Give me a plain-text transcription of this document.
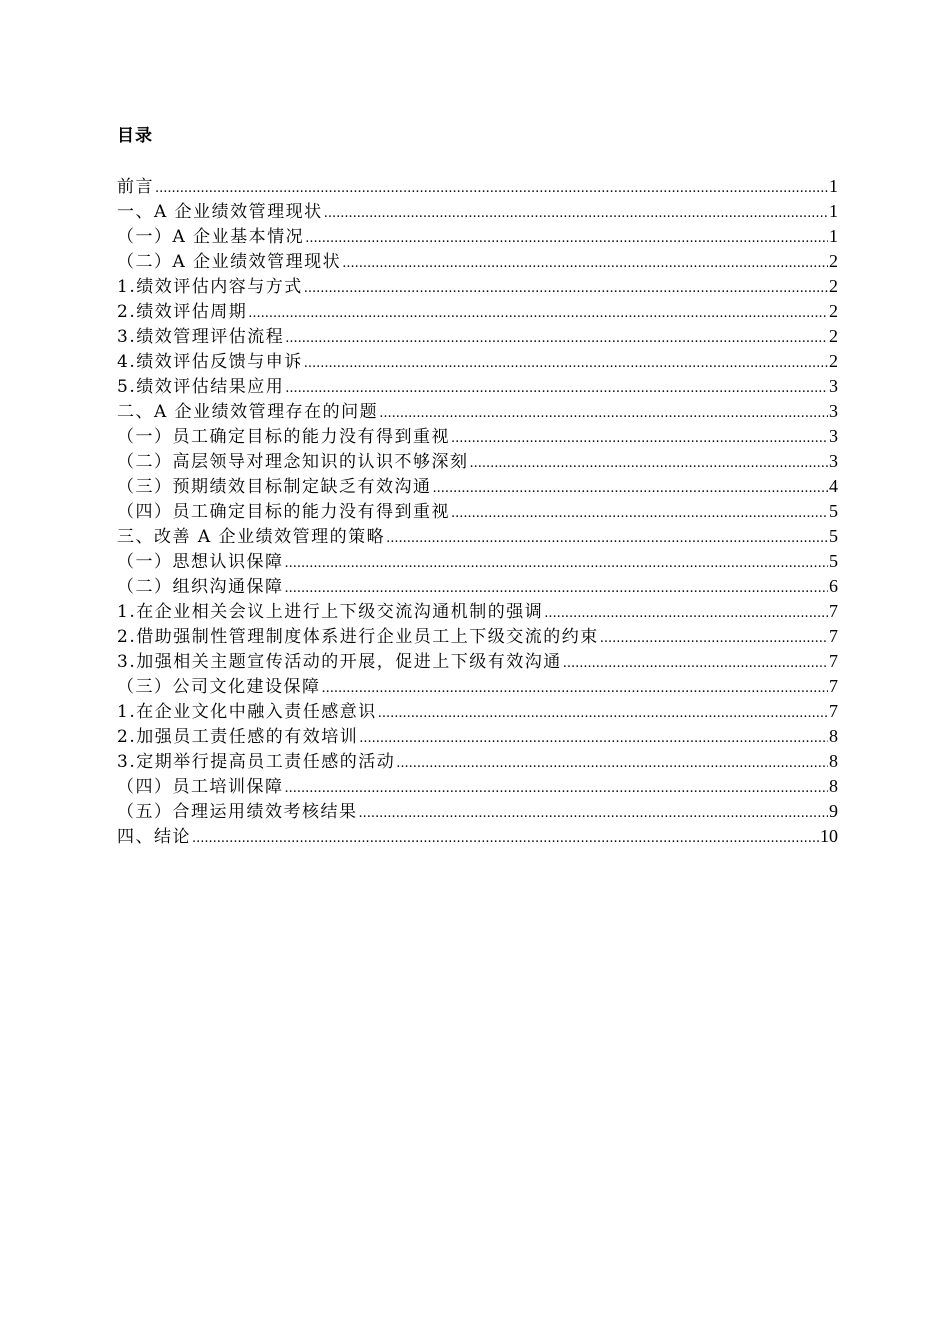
目录
前言 .....	1
一、A 企业绩效管理现状 .....	1
（一）A 企业基本情况 .....	1
（二）A 企业绩效管理现状 .....	2
1.绩效评估内容与方式 .....	2
2.绩效评估周期 .....	2
3.绩效管理评估流程 .....	2
4.绩效评估反馈与申诉 .....	2
5.绩效评估结果应用 .....	3
二、A 企业绩效管理存在的问题 .....	3
（一）员工确定目标的能力没有得到重视 .....	3
（二）高层领导对理念知识的认识不够深刻 .....	3
（三）预期绩效目标制定缺乏有效沟通 .....	4
（四）员工确定目标的能力没有得到重视 .....	5
三、改善 A 企业绩效管理的策略 .....	5
（一）思想认识保障 .....	5
（二）组织沟通保障 .....	6
1.在企业相关会议上进行上下级交流沟通机制的强调 .....	7
2.借助强制性管理制度体系进行企业员工上下级交流的约束 .....	7
3.加强相关主题宣传活动的开展，促进上下级有效沟通 .....	7
（三）公司文化建设保障 .....	7
1.在企业文化中融入责任感意识 .....	7
2.加强员工责任感的有效培训 .....	8
3.定期举行提高员工责任感的活动 .....	8
（四）员工培训保障 .....	8
（五）合理运用绩效考核结果 .....	9
四、结论 .....	10
